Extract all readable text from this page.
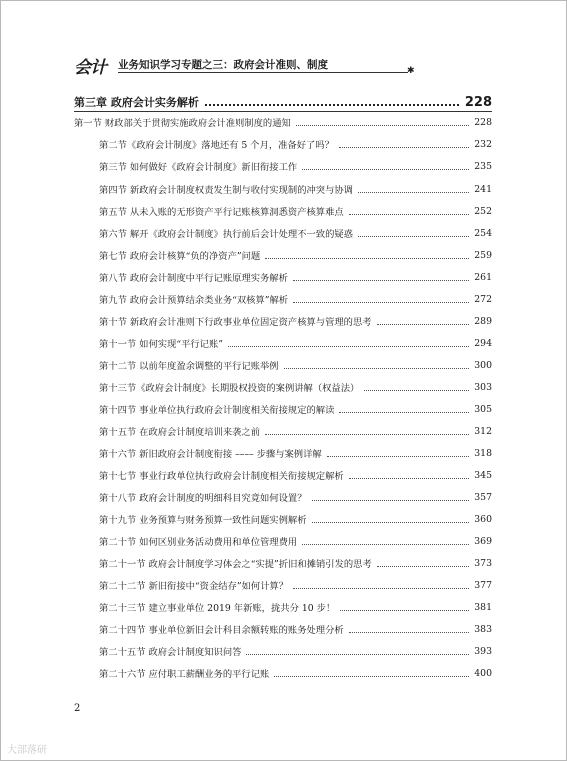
会计 业务知识学习专题之三：政府会计准则、制度	✱
第三章 政府会计实务解析	228
第一节 财政部关于贯彻实施政府会计准则制度的通知	228
第二节《政府会计制度》落地还有 5 个月，准备好了吗？	232
第三节 如何做好《政府会计制度》新旧衔接工作	235
第四节 新政府会计制度权责发生制与收付实现制的冲突与协调	241
第五节 从未入账的无形资产平行记账核算洞悉资产核算难点	252
第六节 解开《政府会计制度》执行前后会计处理不一致的疑惑	254
第七节 政府会计核算“负的净资产”问题	259
第八节 政府会计制度中平行记账原理实务解析	261
第九节 政府会计预算结余类业务“双核算”解析	272
第十节 新政府会计准则下行政事业单位固定资产核算与管理的思考	289
第十一节 如何实现“平行记账”	294
第十二节 以前年度盈余调整的平行记账举例	300
第十三节《政府会计制度》长期股权投资的案例讲解（权益法）	303
第十四节 事业单位执行政府会计制度相关衔接规定的解读	305
第十五节 在政府会计制度培训来袭之前	312
第十六节 新旧政府会计制度衔接 –––– 步骤与案例详解	318
第十七节 事业行政单位执行政府会计制度相关衔接规定解析	345
第十八节 政府会计制度的明细科目究竟如何设置？	357
第十九节 业务预算与财务预算一致性问题实例解析	360
第二十节 如何区别业务活动费用和单位管理费用	369
第二十一节 政府会计制度学习体会之“实提”折旧和摊销引发的思考	373
第二十二节 新旧衔接中“资金结存”如何计算？	377
第二十三节 建立事业单位 2019 年新账，拢共分 10 步！	381
第二十四节 事业单位新旧会计科目余额转账的账务处理分析	383
第二十五节 政府会计制度知识问答	393
第二十六节 应付职工薪酬业务的平行记账	400
2
大部落研
